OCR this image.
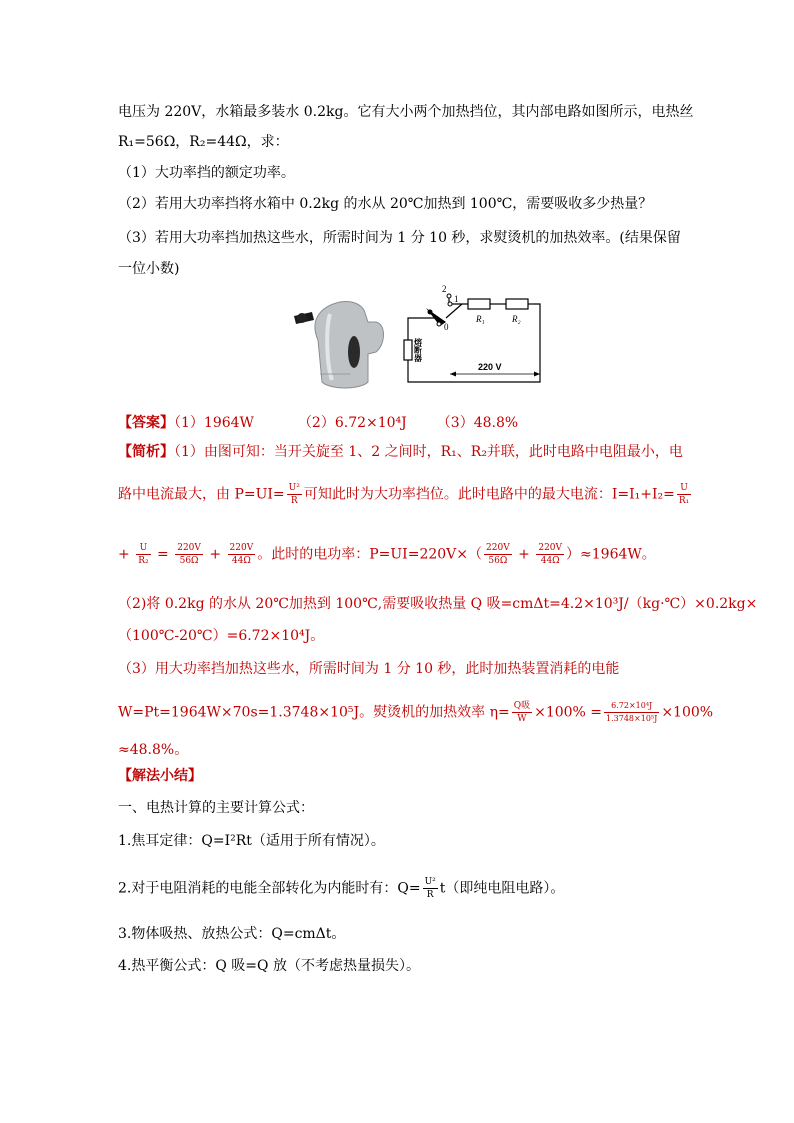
电压为 220V，水箱最多装水 0.2kg。它有大小两个加热挡位，其内部电路如图所示，电热丝
R₁=56Ω，R₂=44Ω，求：
（1）大功率挡的额定功率。
（2）若用大功率挡将水箱中 0.2kg 的水从 20℃加热到 100℃，需要吸收多少热量？
（3）若用大功率挡加热这些水，所需时间为 1 分 10 秒，求熨烫机的加热效率。(结果保留
一位小数)
2
1
0
R₁	R₂
220 V
熔断器
【答案】（1）1964W	（2）6.72×10⁴J （3）48.8%
【简析】（1）由图可知：当开关旋至 1、2 之间时，R₁、R₂并联，此时电路中电阻最小，电
路中电流最大，由 $P=UI= \frac{\text{U²}}{R}$ 可知此时为大功率挡位。此时电路中的最大电流：$I=I_1+I_2= \frac{U}{\text{R₁}}$
+ $\frac{U}{\text{R₂}} = \frac{220V}{56\Omega} + \frac{220V}{44\Omega}$ 。此时的电功率：$P=UI=220V\times( \frac{220V}{56\Omega} + \frac{220V}{44\Omega} )\approx 1964W$。
（2)将 0.2kg 的水从 20℃加热到 100℃,需要吸收热量 Q 吸=cmΔt=4.2×10³J/（kg·℃）×0.2kg×
（100℃-20℃）=6.72×10⁴J。
（3）用大功率挡加热这些水，所需时间为 1 分 10 秒，此时加热装置消耗的电能
W=Pt=1964W×70s=1.3748×10⁵J。熨烫机的加热效率 $\eta= \frac{\text{Q吸}}{W} \times 100\% = \frac{\text{6.72×10⁴J}}{\text{1.3748×10⁵J}} \times 100\%$
≈48.8%。
【解法小结】
一、电热计算的主要计算公式：
1.焦耳定律：Q=I²Rt（适用于所有情况）。
2.对于电阻消耗的电能全部转化为内能时有：$Q= \frac{\text{U²}}{R} t$（即纯电阻电路）。
3.物体吸热、放热公式：Q=cmΔt。
4.热平衡公式：Q 吸=Q 放（不考虑热量损失）。
